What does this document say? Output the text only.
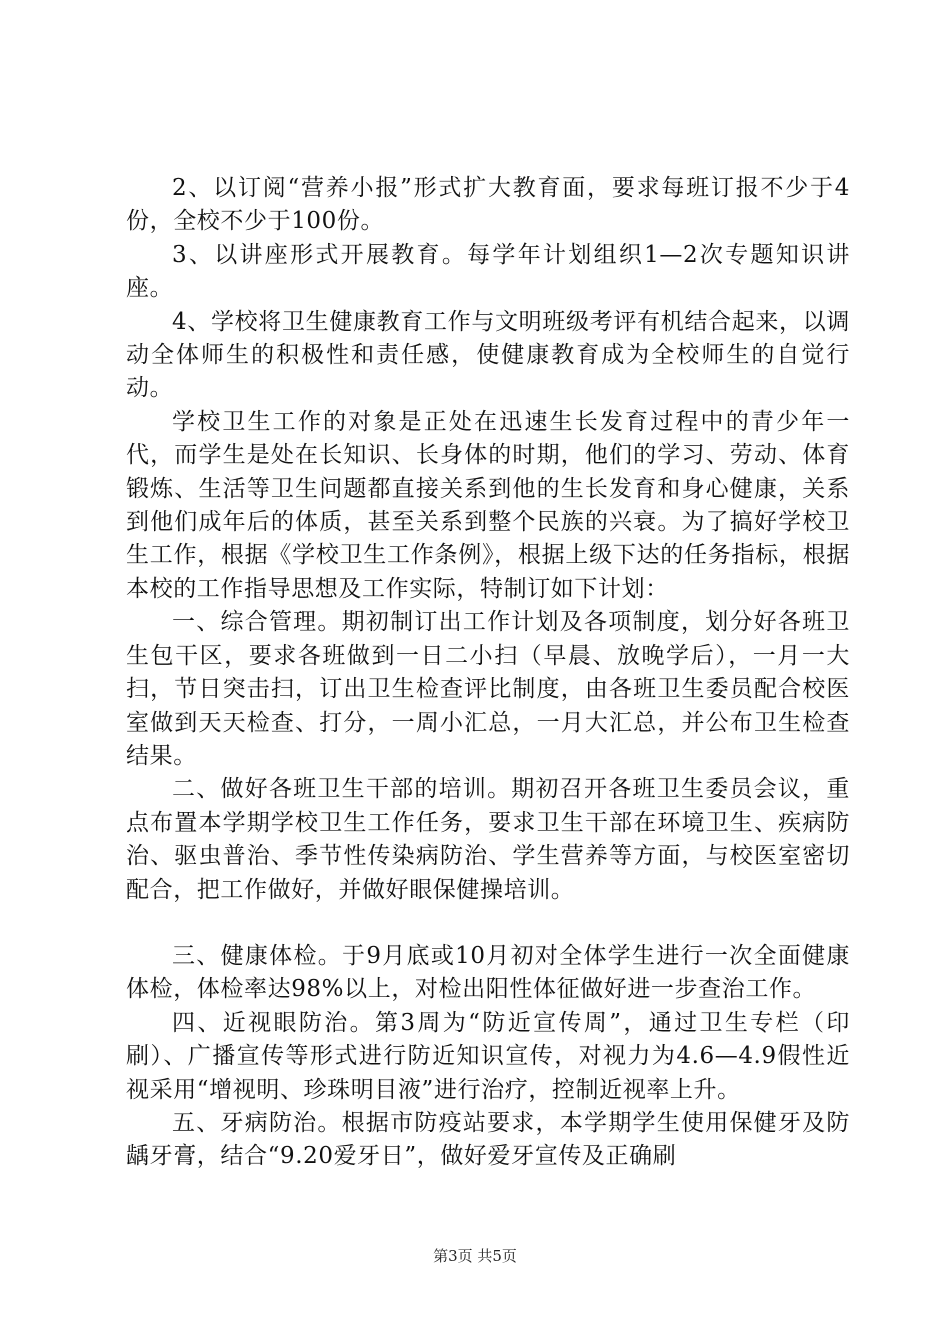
2、以订阅“营养小报”形式扩大教育面，要求每班订报不少于4份，全校不少于100份。

3、以讲座形式开展教育。每学年计划组织1—2次专题知识讲座。

4、学校将卫生健康教育工作与文明班级考评有机结合起来，以调动全体师生的积极性和责任感，使健康教育成为全校师生的自觉行动。

学校卫生工作的对象是正处在迅速生长发育过程中的青少年一代，而学生是处在长知识、长身体的时期，他们的学习、劳动、体育锻炼、生活等卫生问题都直接关系到他的生长发育和身心健康，关系到他们成年后的体质，甚至关系到整个民族的兴衰。为了搞好学校卫生工作，根据《学校卫生工作条例》，根据上级下达的任务指标，根据本校的工作指导思想及工作实际，特制订如下计划：

一、综合管理。期初制订出工作计划及各项制度，划分好各班卫生包干区，要求各班做到一日二小扫（早晨、放晚学后），一月一大扫，节日突击扫，订出卫生检查评比制度，由各班卫生委员配合校医室做到天天检查、打分，一周小汇总，一月大汇总，并公布卫生检查结果。

二、做好各班卫生干部的培训。期初召开各班卫生委员会议，重点布置本学期学校卫生工作任务，要求卫生干部在环境卫生、疾病防治、驱虫普治、季节性传染病防治、学生营养等方面，与校医室密切配合，把工作做好，并做好眼保健操培训。

三、健康体检。于9月底或10月初对全体学生进行一次全面健康体检，体检率达98%以上，对检出阳性体征做好进一步查治工作。

四、近视眼防治。第3周为“防近宣传周”，通过卫生专栏（印刷）、广播宣传等形式进行防近知识宣传，对视力为4.6—4.9假性近视采用“增视明、珍珠明目液”进行治疗，控制近视率上升。

五、牙病防治。根据市防疫站要求，本学期学生使用保健牙及防龋牙膏，结合“9.20爱牙日”，做好爱牙宣传及正确刷

第3页 共5页
